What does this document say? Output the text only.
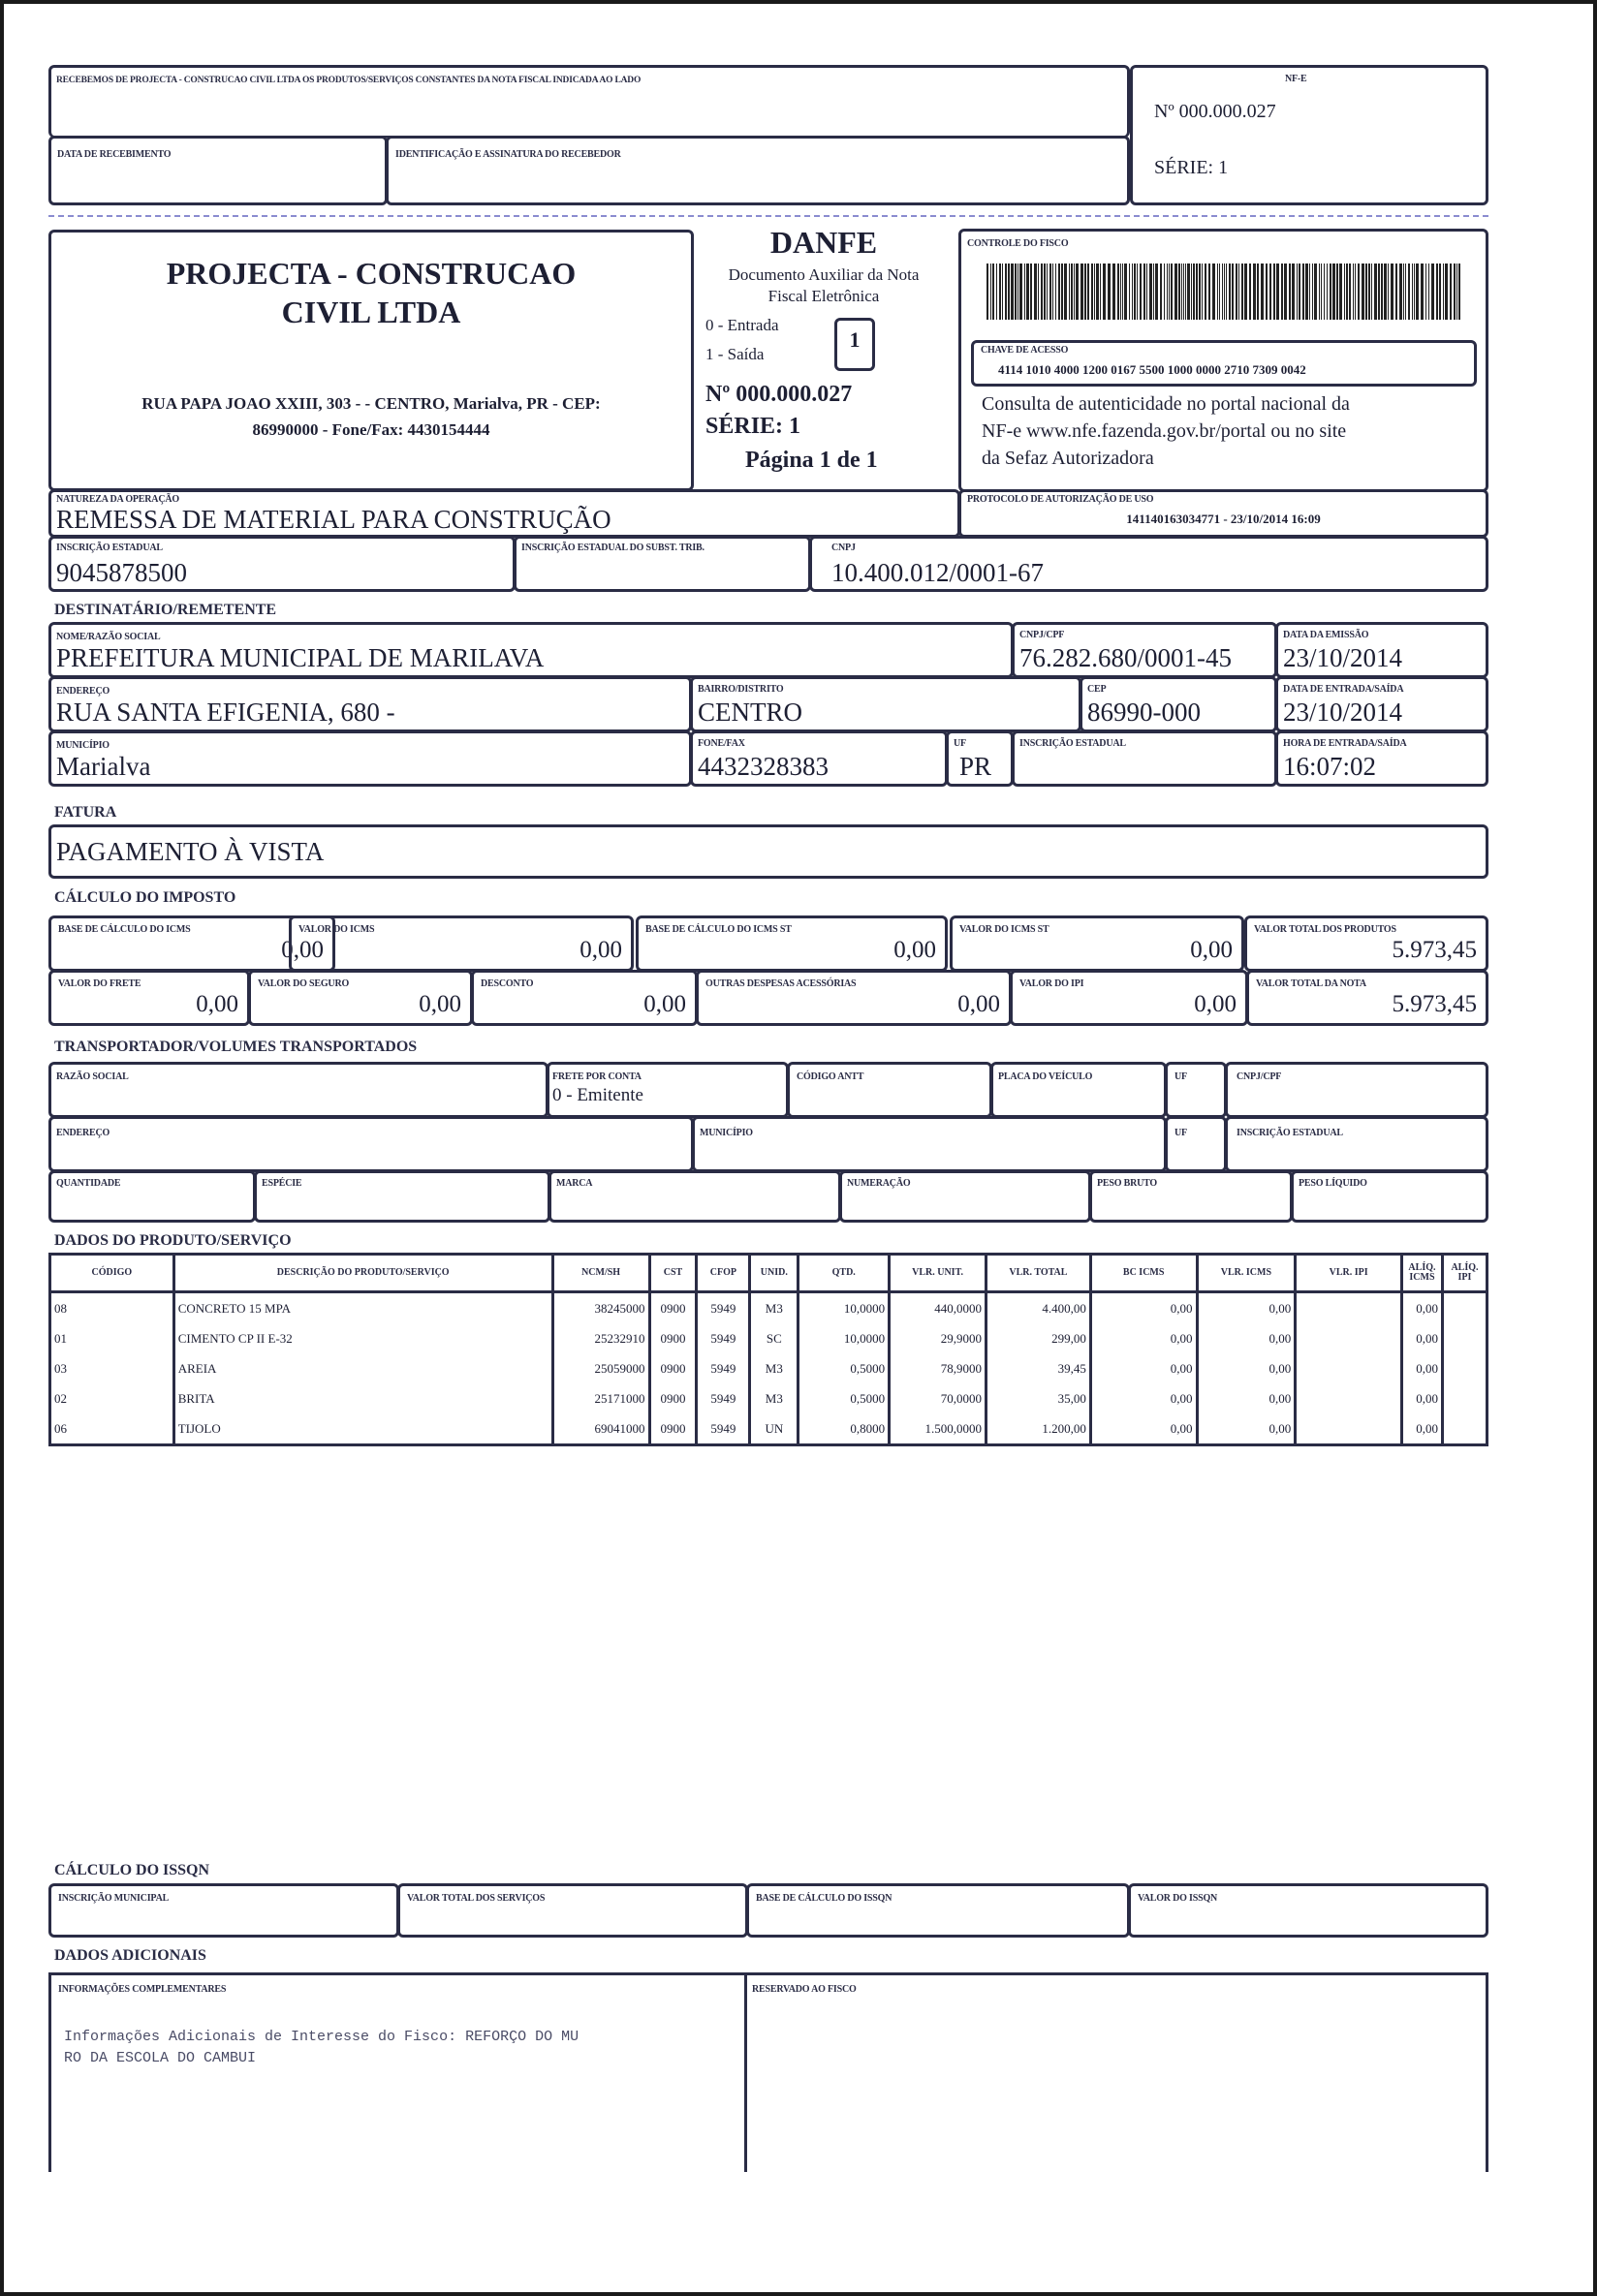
RECEBEMOS DE PROJECTA - CONSTRUCAO CIVIL LTDA OS PRODUTOS/SERVIÇOS CONSTANTES DA NOTA FISCAL INDICADA AO LADO
DATA DE RECEBIMENTO	IDENTIFICAÇÃO E ASSINATURA DO RECEBEDOR
NF-E
Nº 000.000.027
SÉRIE: 1
PROJECTA - CONSTRUCAO
CIVIL LTDA
RUA PAPA JOAO XXIII, 303 - - CENTRO, Marialva, PR - CEP:
86990000 - Fone/Fax: 4430154444
DANFE
Documento Auxiliar da Nota
Fiscal Eletrônica
0 - Entrada
1 - Saída
1
Nº 000.000.027
SÉRIE: 1
Página 1 de 1
CONTROLE DO FISCO
CHAVE DE ACESSO
4114 1010 4000 1200 0167 5500 1000 0000 2710 7309 0042
Consulta de autenticidade no portal nacional da
NF-e www.nfe.fazenda.gov.br/portal ou no site
da Sefaz Autorizadora
NATUREZA DA OPERAÇÃO
REMESSA DE MATERIAL PARA CONSTRUÇÃO
PROTOCOLO DE AUTORIZAÇÃO DE USO
141140163034771 - 23/10/2014 16:09
INSCRIÇÃO ESTADUAL
9045878500
INSCRIÇÃO ESTADUAL DO SUBST. TRIB.	CNPJ
10.400.012/0001-67
DESTINATÁRIO/REMETENTE
NOME/RAZÃO SOCIAL
PREFEITURA MUNICIPAL DE MARILAVA
CNPJ/CPF
76.282.680/0001-45
DATA DA EMISSÃO
23/10/2014
ENDEREÇO
RUA SANTA EFIGENIA, 680 -
BAIRRO/DISTRITO
CENTRO
CEP
86990-000
DATA DE ENTRADA/SAÍDA
23/10/2014
MUNICÍPIO
Marialva
FONE/FAX
4432328383
UF
PR
INSCRIÇÃO ESTADUAL	HORA DE ENTRADA/SAÍDA
16:07:02
FATURA
PAGAMENTO À VISTA
CÁLCULO DO IMPOSTO
TRANSPORTADOR/VOLUMES TRANSPORTADOS
RAZÃO SOCIAL	FRETE POR CONTA
0 - Emitente
CÓDIGO ANTT	PLACA DO VEÍCULO	UF	CNPJ/CPF
ENDEREÇO	MUNICÍPIO	UF	INSCRIÇÃO ESTADUAL
QUANTIDADE	ESPÉCIE	MARCA	NUMERAÇÃO	PESO BRUTO	PESO LÍQUIDO
DADOS DO PRODUTO/SERVIÇO
CÓDIGO	DESCRIÇÃO DO PRODUTO/SERVIÇO	NCM/SH	CST	CFOP	UNID.	QTD.	VLR. UNIT.	VLR. TOTAL	BC ICMS	VLR. ICMS	VLR. IPI	ALÍQ. ICMS	ALÍQ. IPI
08	CONCRETO 15 MPA	38245000	0900	5949	M3	10,0000	440,0000	4.400,00	0,00	0,00		0,00	
01	CIMENTO CP II E-32	25232910	0900	5949	SC	10,0000	29,9000	299,00	0,00	0,00		0,00	
03	AREIA	25059000	0900	5949	M3	0,5000	78,9000	39,45	0,00	0,00		0,00	
02	BRITA	25171000	0900	5949	M3	0,5000	70,0000	35,00	0,00	0,00		0,00	
06	TIJOLO	69041000	0900	5949	UN	0,8000	1.500,0000	1.200,00	0,00	0,00		0,00	
CÁLCULO DO ISSQN
INSCRIÇÃO MUNICIPAL	VALOR TOTAL DOS SERVIÇOS	BASE DE CÁLCULO DO ISSQN	VALOR DO ISSQN
DADOS ADICIONAIS
INFORMAÇÕES COMPLEMENTARES
Informações Adicionais de Interesse do Fisco: REFORÇO DO MU
RO DA ESCOLA DO CAMBUI
RESERVADO AO FISCO
BASE DE CÁLCULO DO ICMS
0,00
VALOR DO ICMS
0,00
BASE DE CÁLCULO DO ICMS ST
0,00
VALOR DO ICMS ST
0,00
VALOR TOTAL DOS PRODUTOS
5.973,45
VALOR DO FRETE
0,00
VALOR DO SEGURO
0,00
DESCONTO
0,00
OUTRAS DESPESAS ACESSÓRIAS
0,00
VALOR DO IPI
0,00
VALOR TOTAL DA NOTA
5.973,45
